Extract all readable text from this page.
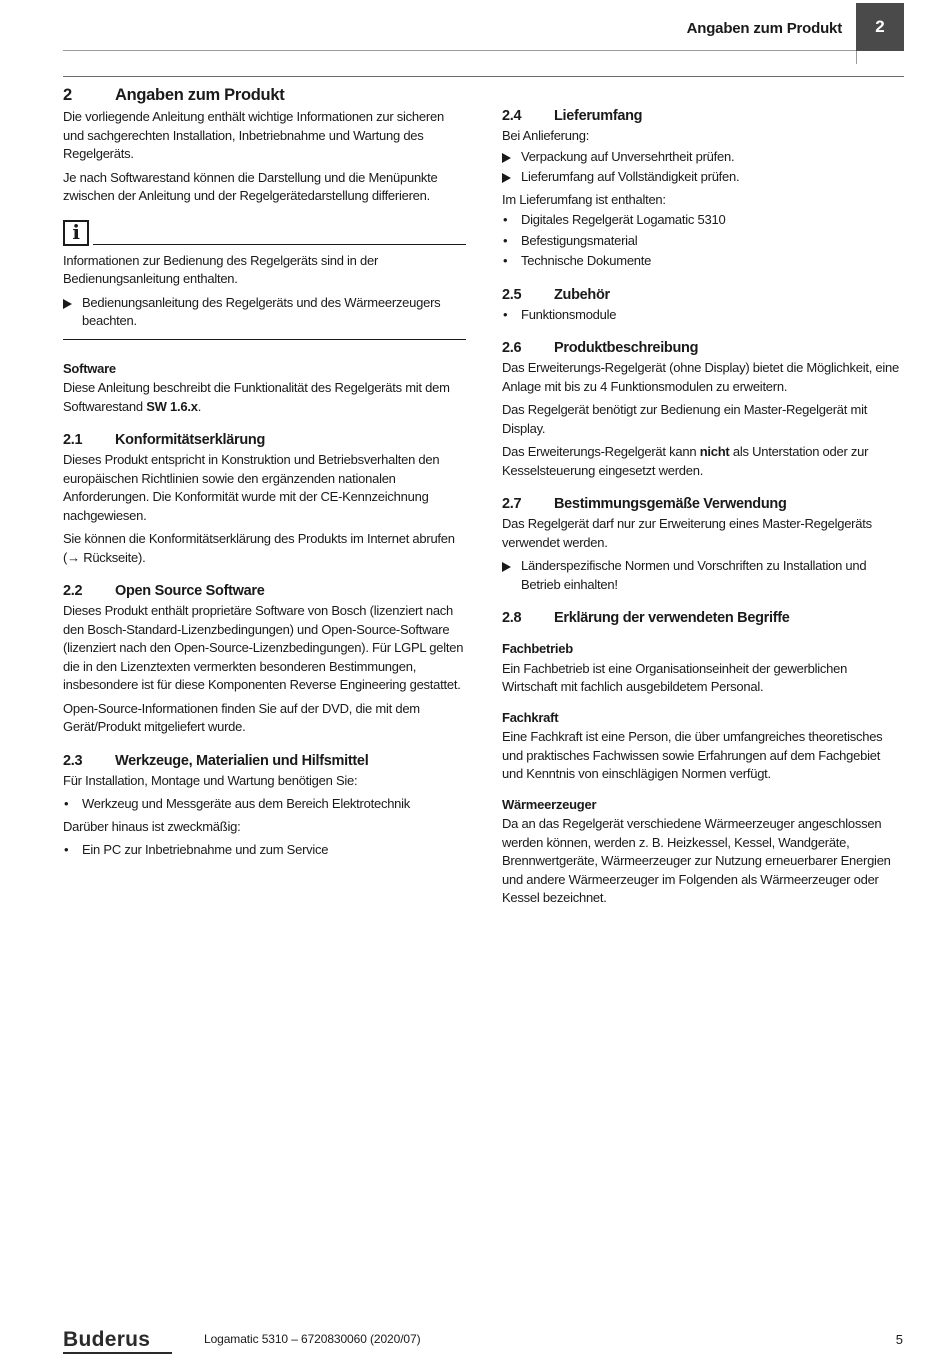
Angaben zum Produkt	2
2	Angaben zum Produkt

Die vorliegende Anleitung enthält wichtige Informationen zur sicheren und sachgerechten Installation, Inbetriebnahme und Wartung des Regelgeräts.

Je nach Softwarestand können die Darstellung und die Menüpunkte zwischen der Anleitung und der Regelgerätedarstellung differieren.

i

Informationen zur Bedienung des Regelgeräts sind in der Bedienungsanleitung enthalten.

Bedienungsanleitung des Regelgeräts und des Wärmeerzeugers beachten.
Software

Diese Anleitung beschreibt die Funktionalität des Regelgeräts mit dem Softwarestand SW 1.6.x.

2.1	Konformitätserklärung

Dieses Produkt entspricht in Konstruktion und Betriebsverhalten den europäischen Richtlinien sowie den ergänzenden nationalen Anforderungen. Die Konformität wurde mit der CE-Kennzeichnung nachgewiesen.

Sie können die Konformitätserklärung des Produkts im Internet abrufen (→ Rückseite).

2.2	Open Source Software

Dieses Produkt enthält proprietäre Software von Bosch (lizenziert nach den Bosch-Standard-Lizenzbedingungen) und Open-Source-Software (lizenziert nach den Open-Source-Lizenzbedingungen). Für LGPL gelten die in den Lizenztexten vermerkten besonderen Bestimmungen, insbesondere ist für diese Komponenten Reverse Engineering gestattet.

Open-Source-Informationen finden Sie auf der DVD, die mit dem Gerät/Produkt mitgeliefert wurde.

2.3	Werkzeuge, Materialien und Hilfsmittel

Für Installation, Montage und Wartung benötigen Sie:

•	Werkzeug und Messgeräte aus dem Bereich Elektrotechnik

Darüber hinaus ist zweckmäßig:

•	Ein PC zur Inbetriebnahme und zum Service
2.4	Lieferumfang

Bei Anlieferung:

Verpackung auf Unversehrtheit prüfen.
Lieferumfang auf Vollständigkeit prüfen.

Im Lieferumfang ist enthalten:

•	Digitales Regelgerät Logamatic 5310
•	Befestigungsmaterial
•	Technische Dokumente
2.5	Zubehör
•	Funktionsmodule
2.6	Produktbeschreibung

Das Erweiterungs-Regelgerät (ohne Display) bietet die Möglichkeit, eine Anlage mit bis zu 4 Funktionsmodulen zu erweitern.

Das Regelgerät benötigt zur Bedienung ein Master-Regelgerät mit Display.

Das Erweiterungs-Regelgerät kann nicht als Unterstation oder zur Kesselsteuerung eingesetzt werden.

2.7	Bestimmungsgemäße Verwendung

Das Regelgerät darf nur zur Erweiterung eines Master-Regelgeräts verwendet werden.

Länderspezifische Normen und Vorschriften zu Installation und Betrieb einhalten!
2.8	Erklärung der verwendeten Begriffe
Fachbetrieb

Ein Fachbetrieb ist eine Organisationseinheit der gewerblichen Wirtschaft mit fachlich ausgebildetem Personal.

Fachkraft

Eine Fachkraft ist eine Person, die über umfangreiches theoretisches und praktisches Fachwissen sowie Erfahrungen auf dem Fachgebiet und Kenntnis von einschlägigen Normen verfügt.

Wärmeerzeuger

Da an das Regelgerät verschiedene Wärmeerzeuger angeschlossen werden können, werden z. B. Heizkessel, Kessel, Wandgeräte, Brennwertgeräte, Wärmeerzeuger zur Nutzung erneuerbarer Energien und andere Wärmeerzeuger im Folgenden als Wärmeerzeuger oder Kessel bezeichnet.

Buderus	Logamatic 5310 – 6720830060 (2020/07)	5
